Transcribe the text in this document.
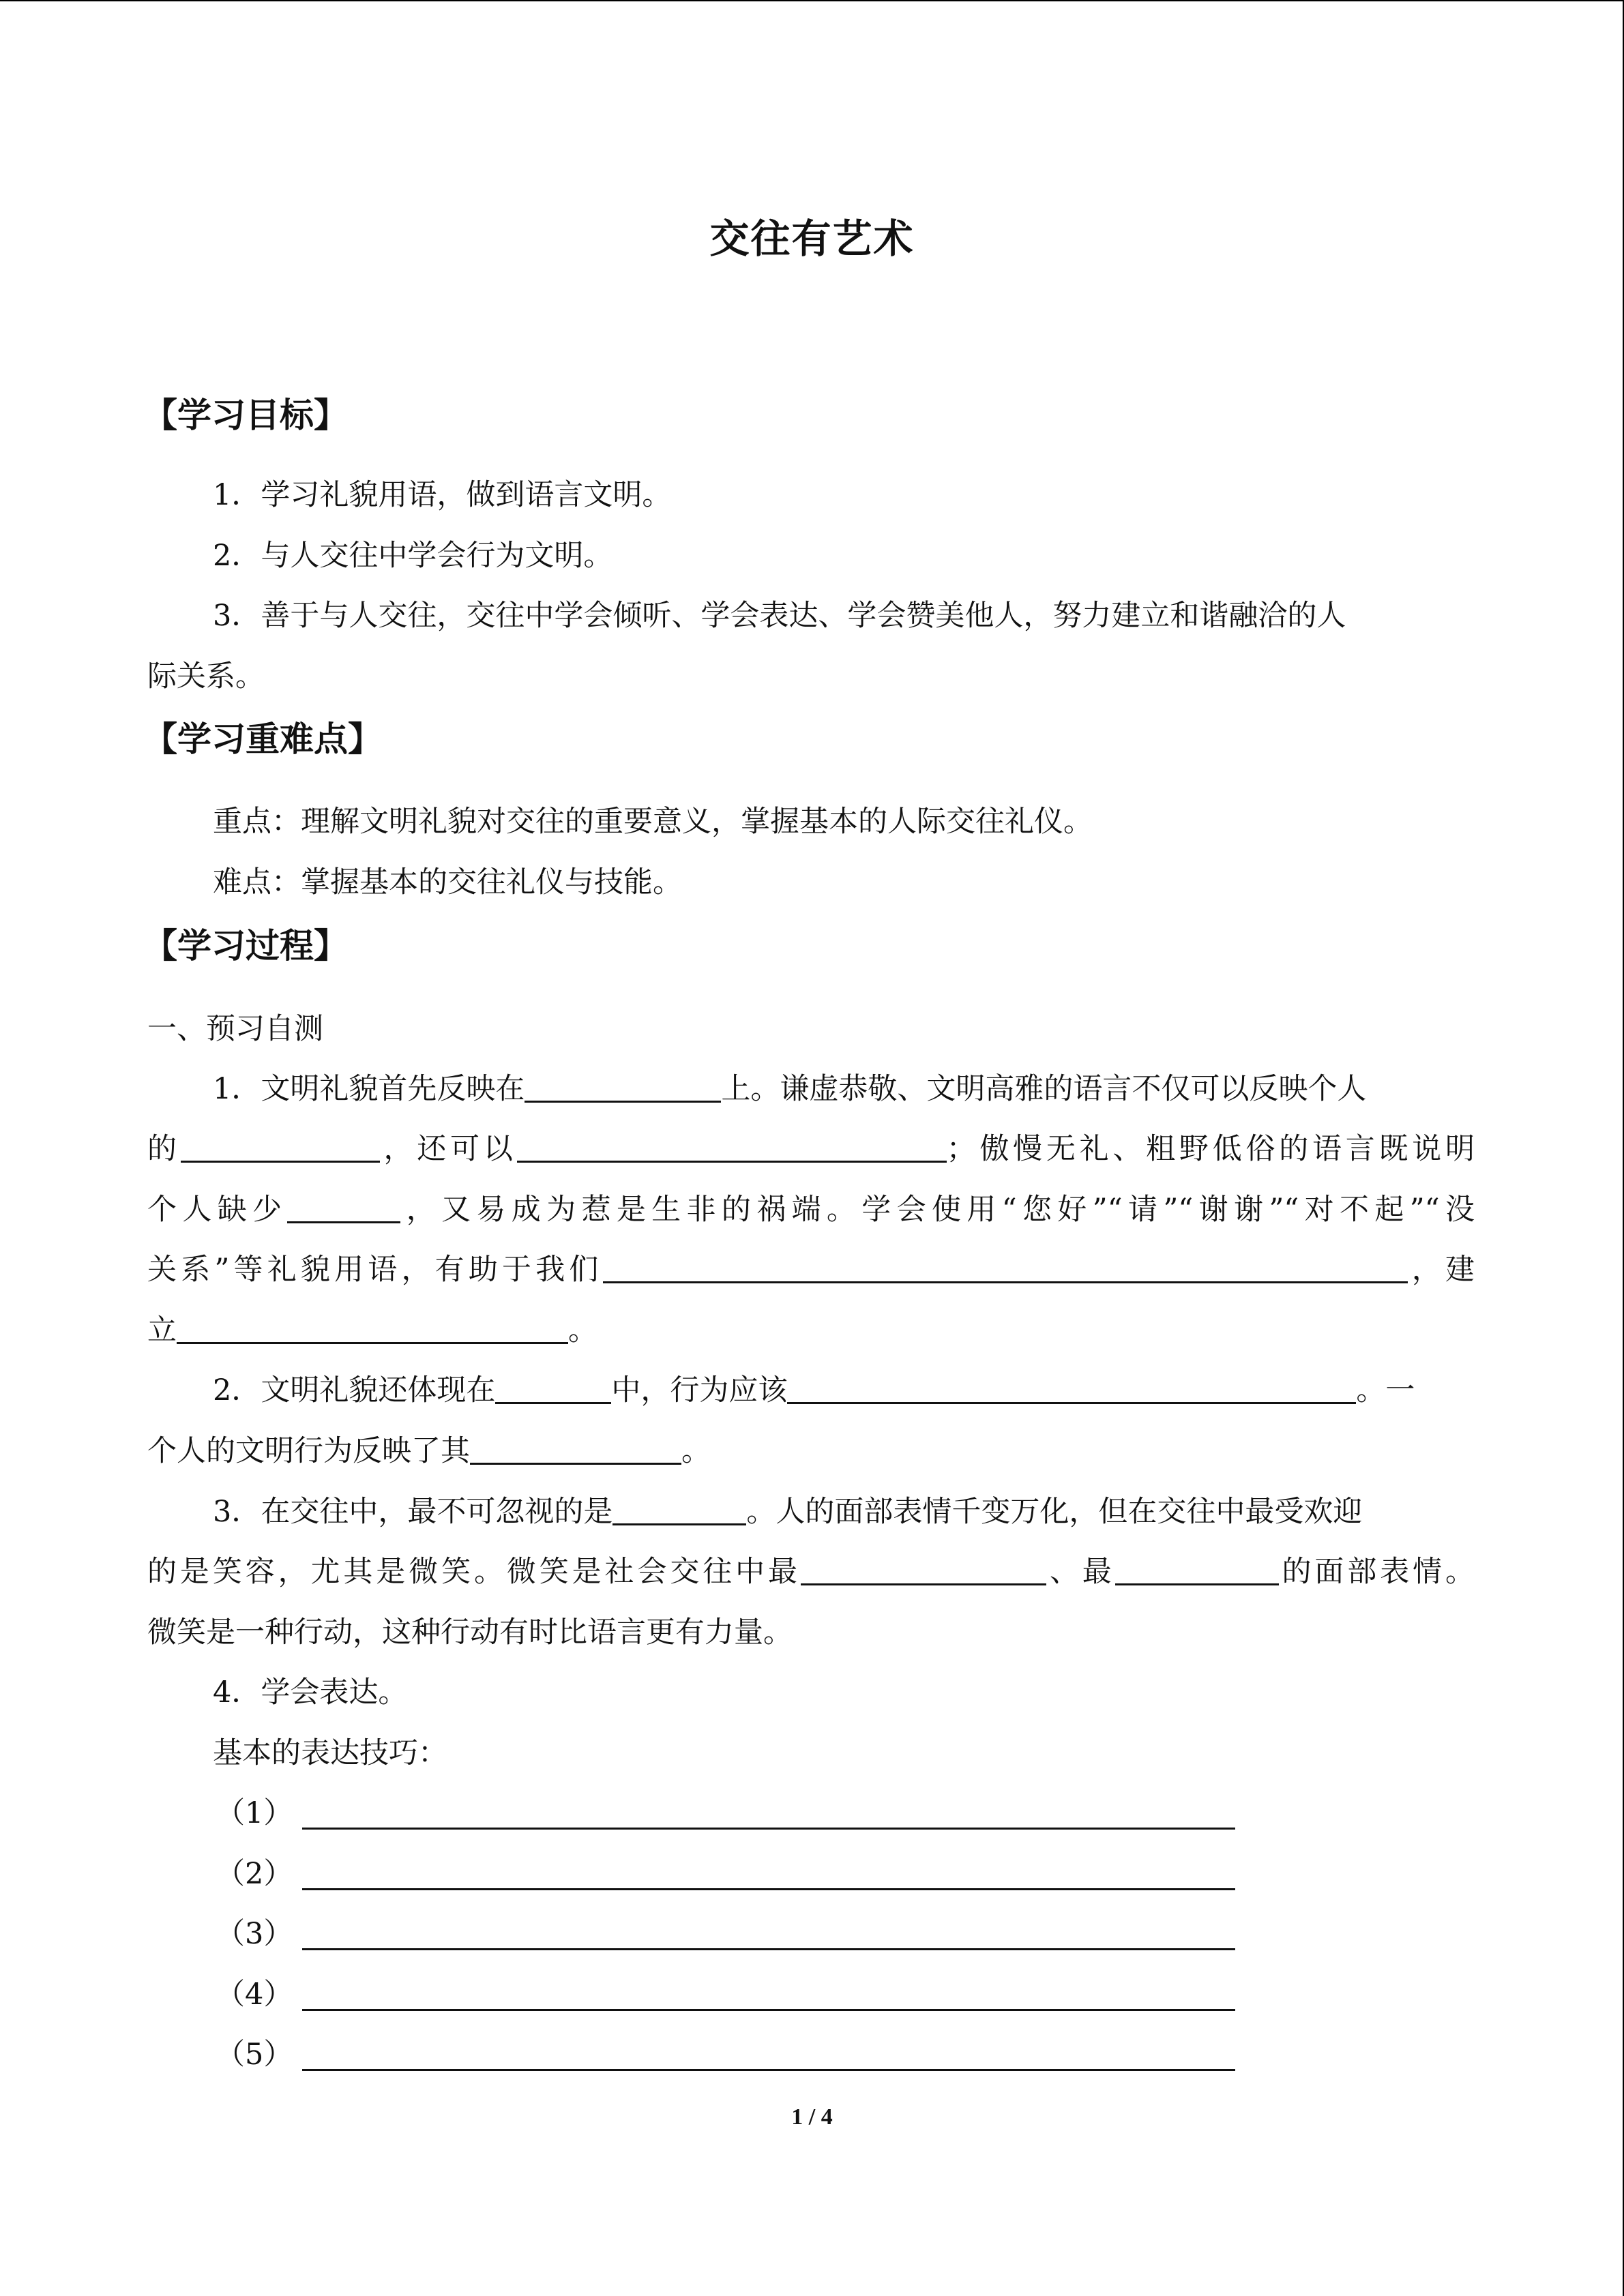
交往有艺术
【学习目标】
1．学习礼貌用语，做到语言文明。
2．与人交往中学会行为文明。
3．善于与人交往，交往中学会倾听、学会表达、学会赞美他人，努力建立和谐融洽的人
际关系。
【学习重难点】
重点：理解文明礼貌对交往的重要意义，掌握基本的人际交往礼仪。
难点：掌握基本的交往礼仪与技能。
【学习过程】
一、预习自测
1．文明礼貌首先反映在	上。谦虚恭敬、文明高雅的语言不仅可以反映个人
的	，还可以	；傲慢无礼、粗野低俗的语言既说明
个人缺少	，又易成为惹是生非的祸端。学会使用“您好”“请”“谢谢”“对不起”“没
关系”等礼貌用语，有助于我们	，建
立	。
2．文明礼貌还体现在	中，行为应该	。一
个人的文明行为反映了其	。
3．在交往中，最不可忽视的是	。人的面部表情千变万化，但在交往中最受欢迎
的是笑容，尤其是微笑。微笑是社会交往中最	、最	的面部表情。
微笑是一种行动，这种行动有时比语言更有力量。
4．学会表达。
基本的表达技巧：
（1）
（2）
（3）
（4）
（5）
1 / 4
